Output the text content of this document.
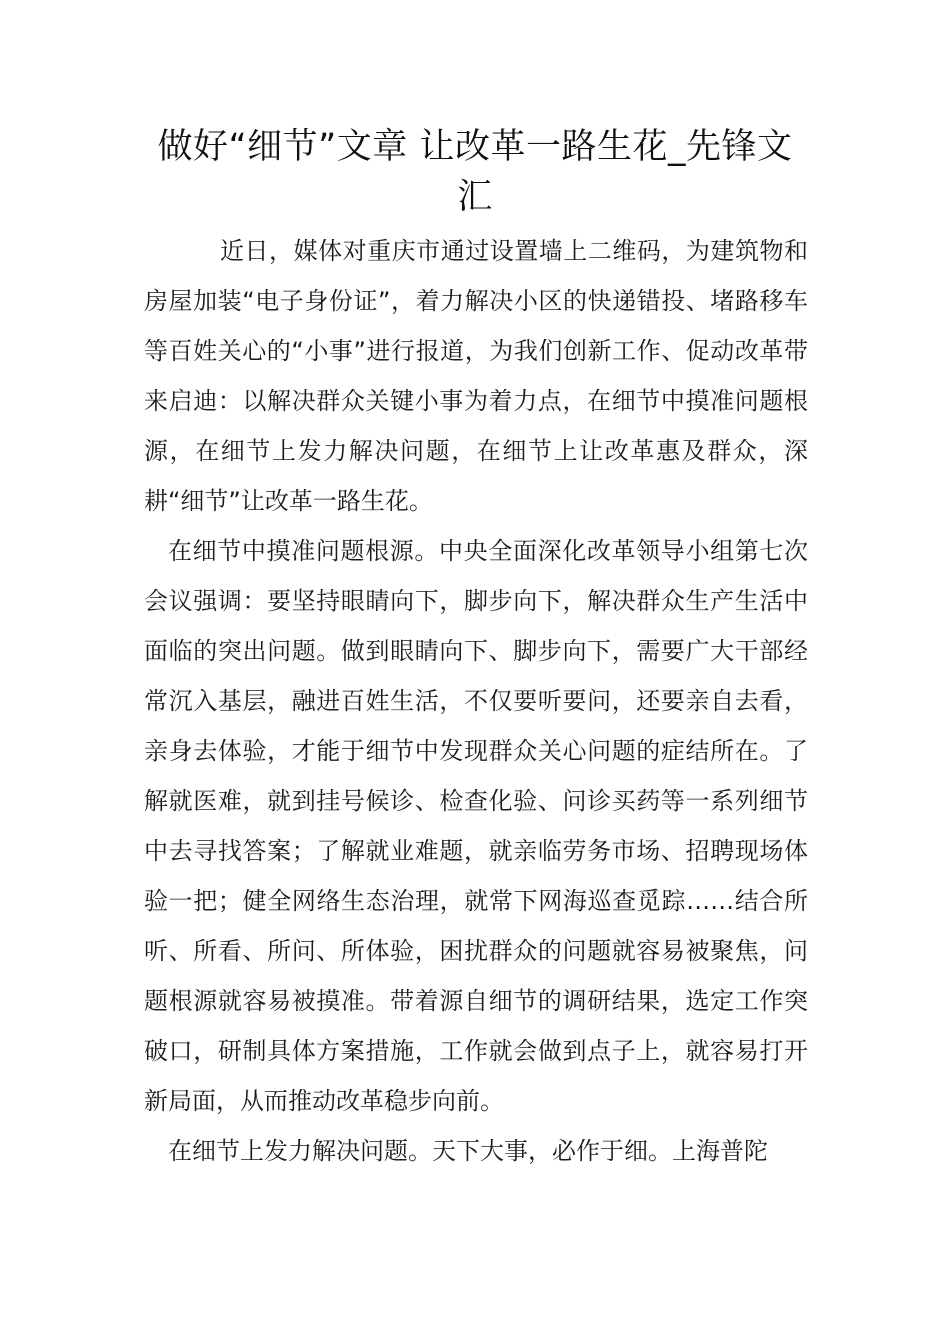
做好“细节”文章 让改革一路生花_先锋文汇

近日，媒体对重庆市通过设置墙上二维码，为建筑物和房屋加装“电子身份证”，着力解决小区的快递错投、堵路移车等百姓关心的“小事”进行报道，为我们创新工作、促动改革带来启迪：以解决群众关键小事为着力点，在细节中摸准问题根源，在细节上发力解决问题，在细节上让改革惠及群众，深耕“细节”让改革一路生花。

在细节中摸准问题根源。中央全面深化改革领导小组第七次会议强调：要坚持眼睛向下，脚步向下，解决群众生产生活中面临的突出问题。做到眼睛向下、脚步向下，需要广大干部经常沉入基层，融进百姓生活，不仅要听要问，还要亲自去看，亲身去体验，才能于细节中发现群众关心问题的症结所在。了解就医难，就到挂号候诊、检查化验、问诊买药等一系列细节中去寻找答案；了解就业难题，就亲临劳务市场、招聘现场体验一把；健全网络生态治理，就常下网海巡查觅踪……结合所听、所看、所问、所体验，困扰群众的问题就容易被聚焦，问题根源就容易被摸准。带着源自细节的调研结果，选定工作突破口，研制具体方案措施，工作就会做到点子上，就容易打开新局面，从而推动改革稳步向前。

在细节上发力解决问题。天下大事，必作于细。上海普陀
